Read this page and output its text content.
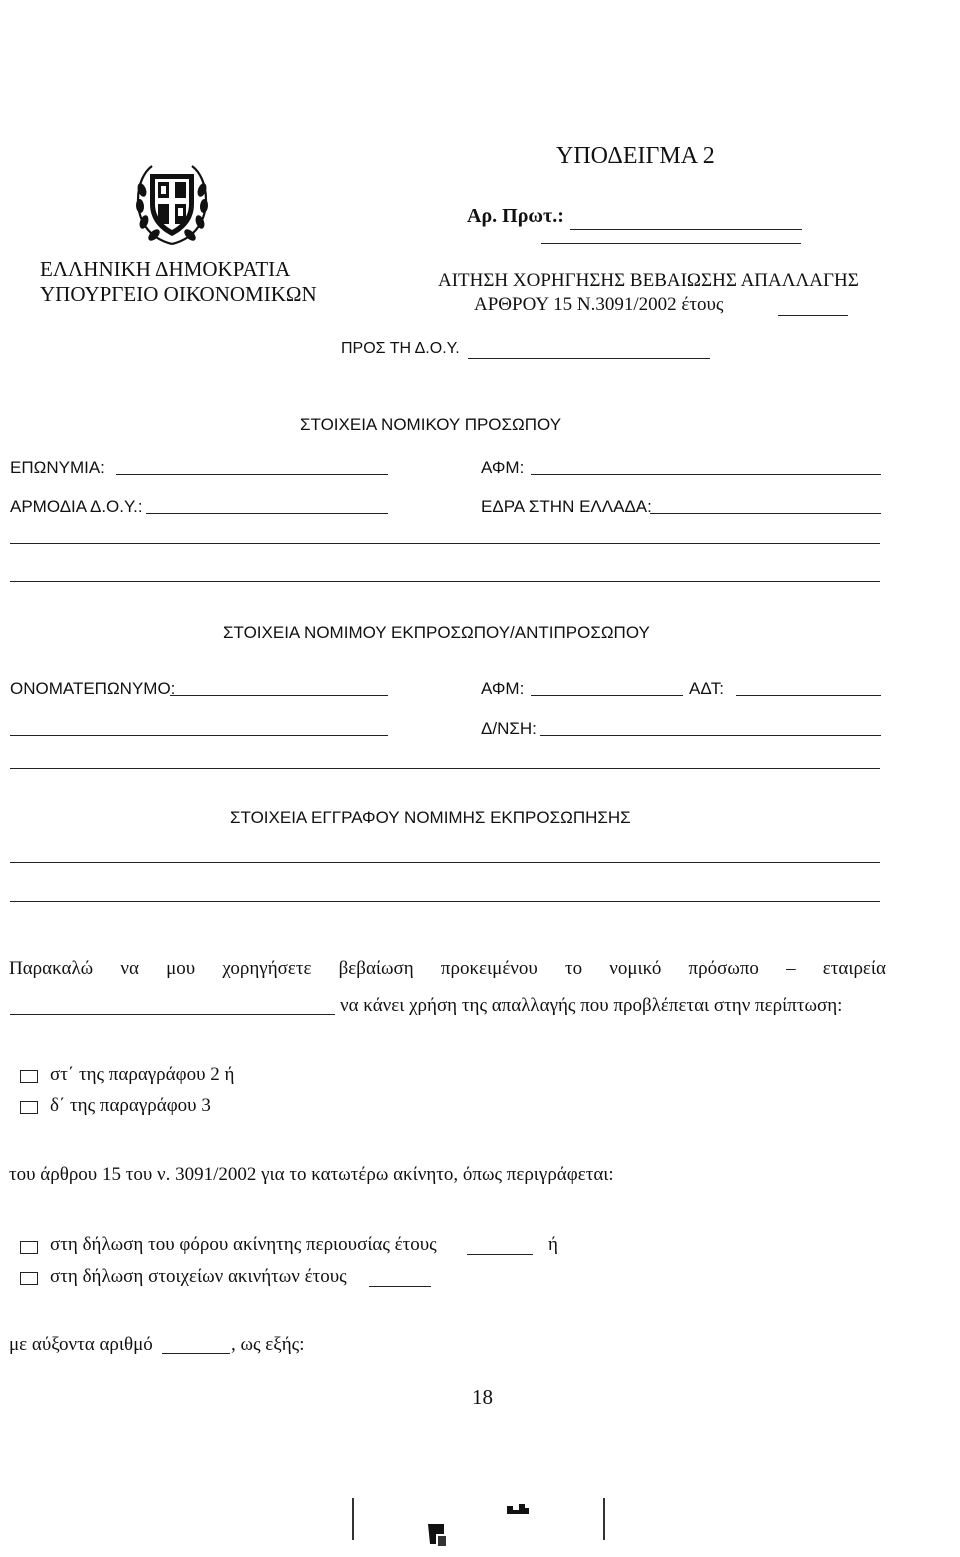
ΥΠΟΔΕΙΓΜΑ 2
Αρ. Πρωτ.:
ΕΛΛΗΝΙΚΗ ΔΗΜΟΚΡΑΤΙΑ
ΥΠΟΥΡΓΕΙΟ ΟΙΚΟΝΟΜΙΚΩΝ
ΑΙΤΗΣΗ ΧΟΡΗΓΗΣΗΣ ΒΕΒΑΙΩΣΗΣ ΑΠΑΛΛΑΓΗΣ
ΑΡΘΡΟΥ 15 Ν.3091/2002 έτους
ΠΡΟΣ ΤΗ Δ.Ο.Υ.
ΣΤΟΙΧΕΙΑ ΝΟΜΙΚΟΥ ΠΡΟΣΩΠΟΥ
ΕΠΩΝΥΜΙΑ:	ΑΦΜ:
ΑΡΜΟΔΙΑ Δ.Ο.Υ.:	ΕΔΡΑ ΣΤΗΝ ΕΛΛΑΔΑ:
ΣΤΟΙΧΕΙΑ ΝΟΜΙΜΟΥ ΕΚΠΡΟΣΩΠΟΥ/ΑΝΤΙΠΡΟΣΩΠΟΥ
ΟΝΟΜΑΤΕΠΩΝΥΜΟ:	ΑΦΜ:	ΑΔΤ:
Δ/ΝΣΗ:
ΣΤΟΙΧΕΙΑ ΕΓΓΡΑΦΟΥ ΝΟΜΙΜΗΣ ΕΚΠΡΟΣΩΠΗΣΗΣ
Παρακαλώ να μου χορηγήσετε βεβαίωση προκειμένου το νομικό πρόσωπο – εταιρεία
να κάνει χρήση της απαλλαγής που προβλέπεται στην περίπτωση:
στ΄ της παραγράφου 2 ή
δ΄ της παραγράφου 3
του άρθρου 15 του ν. 3091/2002 για το κατωτέρω ακίνητο, όπως περιγράφεται:
στη δήλωση του φόρου ακίνητης περιουσίας έτους	ή
στη δήλωση στοιχείων ακινήτων έτους
με αύξοντα αριθμό	, ως εξής:
18
